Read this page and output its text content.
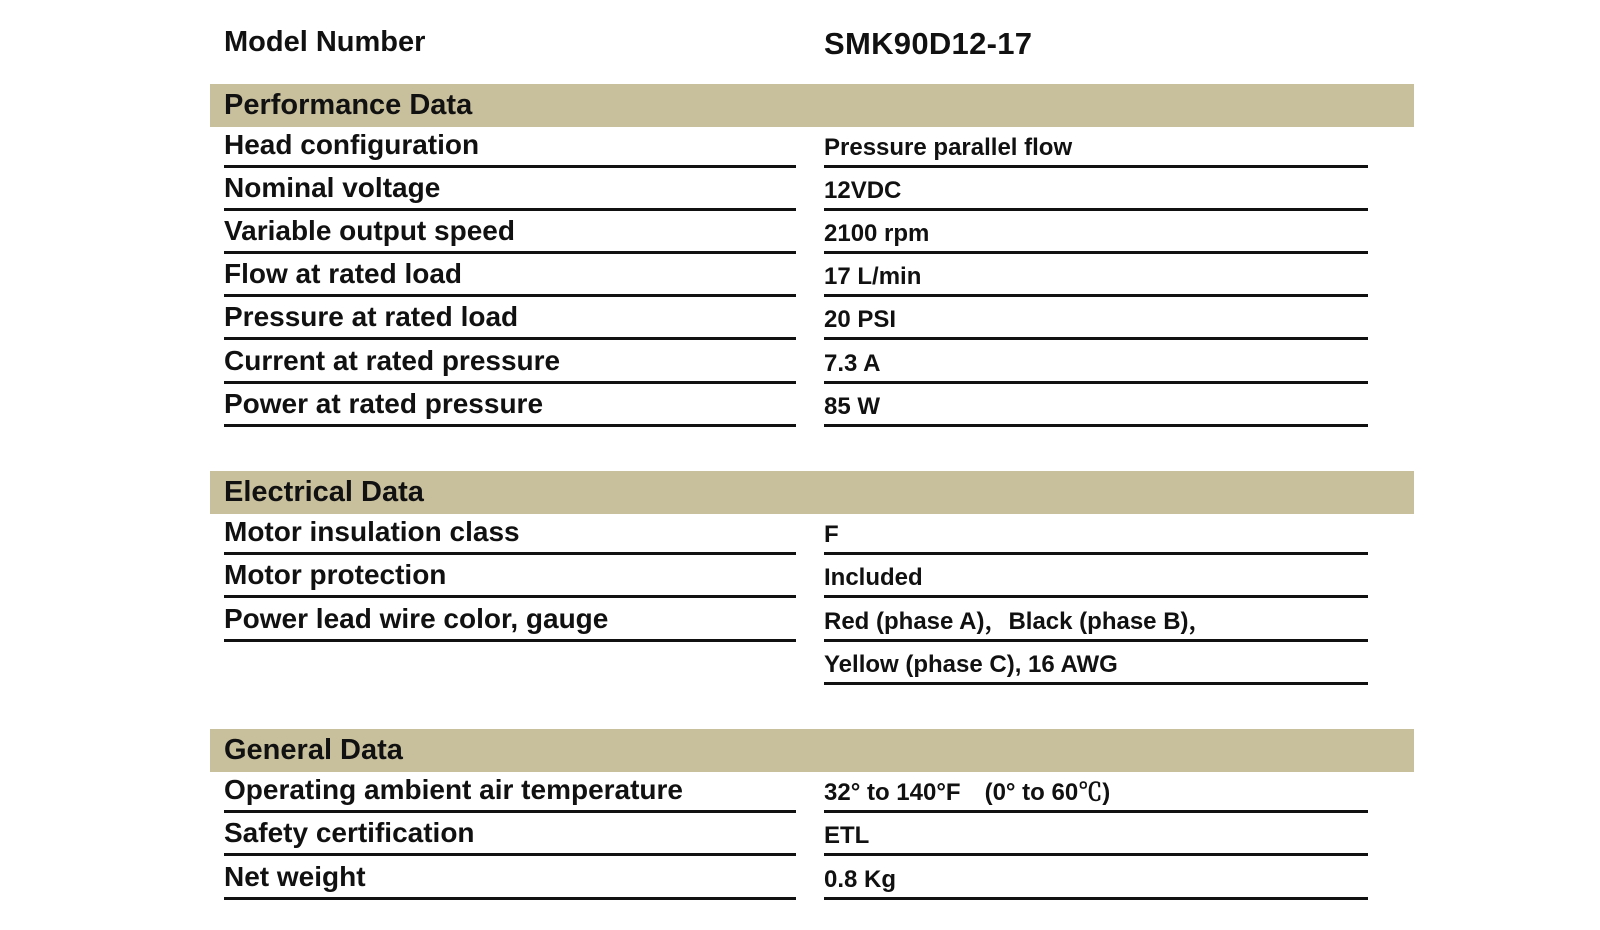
Model Number	SMK90D12-17
Performance Data
Head configuration	Pressure parallel flow
Nominal voltage	12VDC
Variable output speed	2100 rpm
Flow at rated load	17 L/min
Pressure at rated load	20 PSI
Current at rated pressure	7.3 A
Power at rated pressure	85 W
Electrical Data
Motor insulation class	F
Motor protection	Included
Power lead wire color, gauge	Red (phase A)，Black (phase B)，
Yellow (phase C), 16 AWG
General Data
Operating ambient air temperature	32° to 140°F　(0° to 60℃)
Safety certification	ETL
Net weight	0.8 Kg
